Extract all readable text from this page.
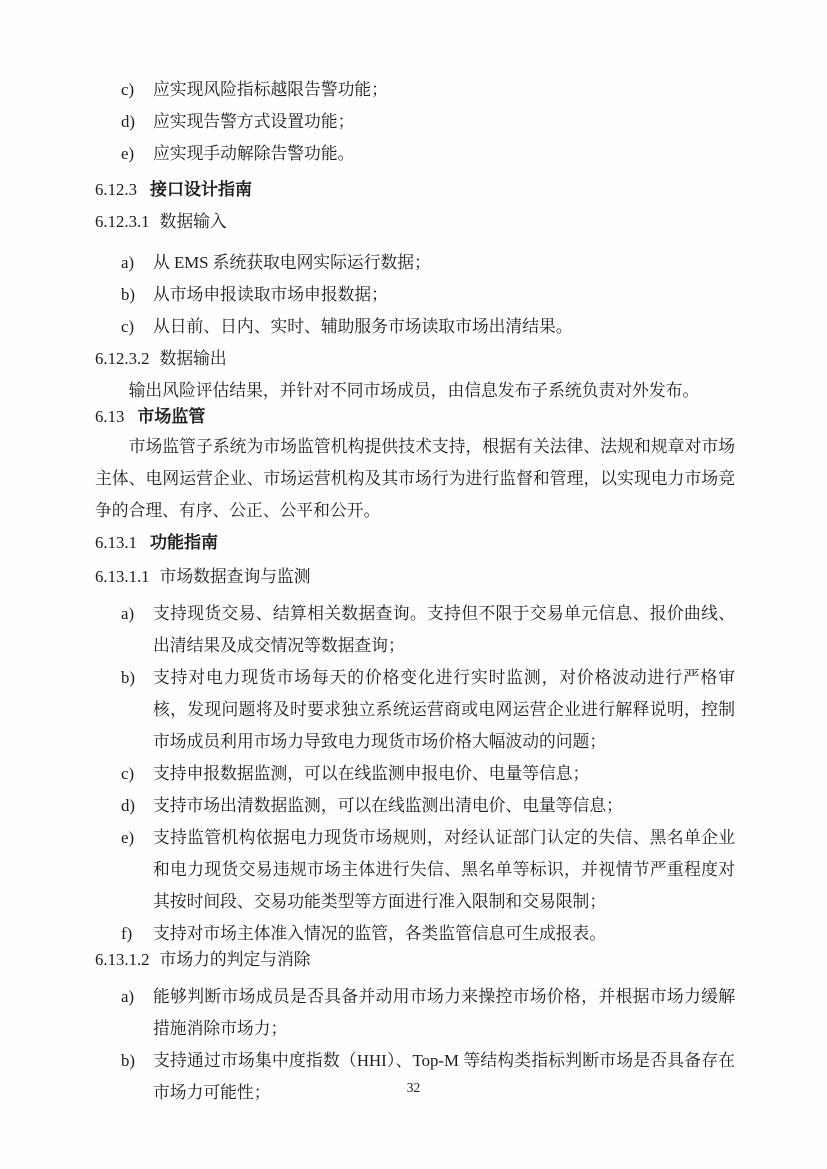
c) 应实现风险指标越限告警功能；
d) 应实现告警方式设置功能；
e) 应实现手动解除告警功能。
6.12.3 接口设计指南
6.12.3.1 数据输入
a) 从 EMS 系统获取电网实际运行数据；
b) 从市场申报读取市场申报数据；
c) 从日前、日内、实时、辅助服务市场读取市场出清结果。
6.12.3.2 数据输出
输出风险评估结果，并针对不同市场成员，由信息发布子系统负责对外发布。
6.13 市场监管
市场监管子系统为市场监管机构提供技术支持，根据有关法律、法规和规章对市场主体、电网运营企业、市场运营机构及其市场行为进行监督和管理，以实现电力市场竞争的合理、有序、公正、公平和公开。
6.13.1 功能指南
6.13.1.1 市场数据查询与监测
a) 支持现货交易、结算相关数据查询。支持但不限于交易单元信息、报价曲线、出清结果及成交情况等数据查询；
b) 支持对电力现货市场每天的价格变化进行实时监测，对价格波动进行严格审核，发现问题将及时要求独立系统运营商或电网运营企业进行解释说明，控制市场成员利用市场力导致电力现货市场价格大幅波动的问题；
c) 支持申报数据监测，可以在线监测申报电价、电量等信息；
d) 支持市场出清数据监测，可以在线监测出清电价、电量等信息；
e) 支持监管机构依据电力现货市场规则，对经认证部门认定的失信、黑名单企业和电力现货交易违规市场主体进行失信、黑名单等标识，并视情节严重程度对其按时间段、交易功能类型等方面进行准入限制和交易限制；
f) 支持对市场主体准入情况的监管，各类监管信息可生成报表。
6.13.1.2 市场力的判定与消除
a) 能够判断市场成员是否具备并动用市场力来操控市场价格，并根据市场力缓解措施消除市场力；
b) 支持通过市场集中度指数（HHI）、Top-M 等结构类指标判断市场是否具备存在市场力可能性；	32
